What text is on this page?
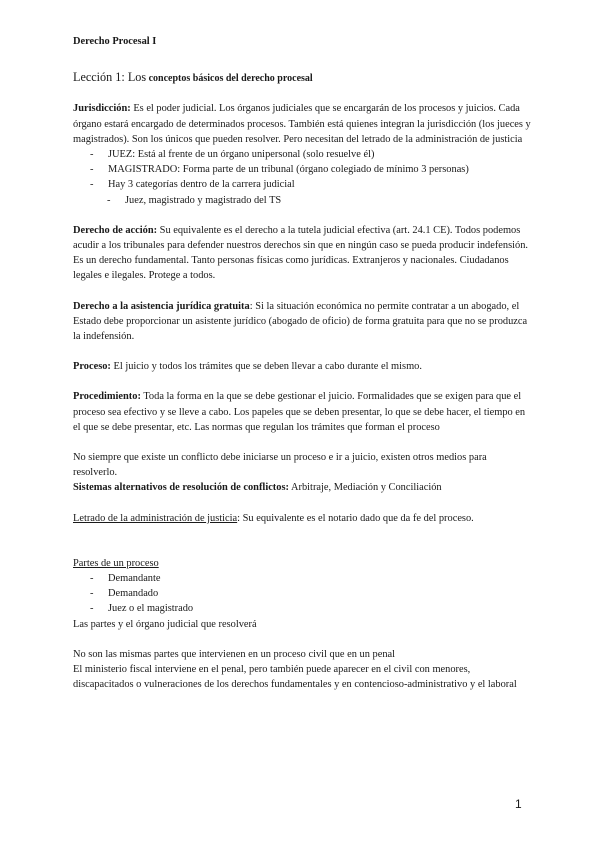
Derecho Procesal I

Lección 1: Los conceptos básicos del derecho procesal

Jurisdicción: Es el poder judicial. Los órganos judiciales que se encargarán de los procesos y juicios. Cada órgano estará encargado de determinados procesos. También está quienes integran la jurisdicción (los jueces y magistrados). Son los únicos que pueden resolver. Pero necesitan del letrado de la administración de justicia

- JUEZ: Está al frente de un órgano unipersonal (solo resuelve él)
- MAGISTRADO: Forma parte de un tribunal (órgano colegiado de mínimo 3 personas)
- Hay 3 categorías dentro de la carrera judicial
- Juez, magistrado y magistrado del TS

Derecho de acción: Su equivalente es el derecho a la tutela judicial efectiva (art. 24.1 CE). Todos podemos acudir a los tribunales para defender nuestros derechos sin que en ningún caso se pueda producir indefensión. Es un derecho fundamental. Tanto personas físicas como jurídicas. Extranjeros y nacionales. Ciudadanos legales e ilegales. Protege a todos.

Derecho a la asistencia jurídica gratuita: Si la situación económica no permite contratar a un abogado, el Estado debe proporcionar un asistente jurídico (abogado de oficio) de forma gratuita para que no se produzca la indefensión.

Proceso: El juicio y todos los trámites que se deben llevar a cabo durante el mismo.

Procedimiento: Toda la forma en la que se debe gestionar el juicio. Formalidades que se exigen para que el proceso sea efectivo y se lleve a cabo. Los papeles que se deben presentar, lo que se debe hacer, el tiempo en el que se debe presentar, etc. Las normas que regulan los trámites que forman el proceso

No siempre que existe un conflicto debe iniciarse un proceso e ir a juicio, existen otros medios para resolverlo.

Sistemas alternativos de resolución de conflictos: Arbitraje, Mediación y Conciliación

Letrado de la administración de justicia: Su equivalente es el notario dado que da fe del proceso.

Partes de un proceso

- Demandante
- Demandado
- Juez o el magistrado

Las partes y el órgano judicial que resolverá

No son las mismas partes que intervienen en un proceso civil que en un penal

El ministerio fiscal interviene en el penal, pero también puede aparecer en el civil con menores, discapacitados o vulneraciones de los derechos fundamentales y en contencioso-administrativo y el laboral

1
